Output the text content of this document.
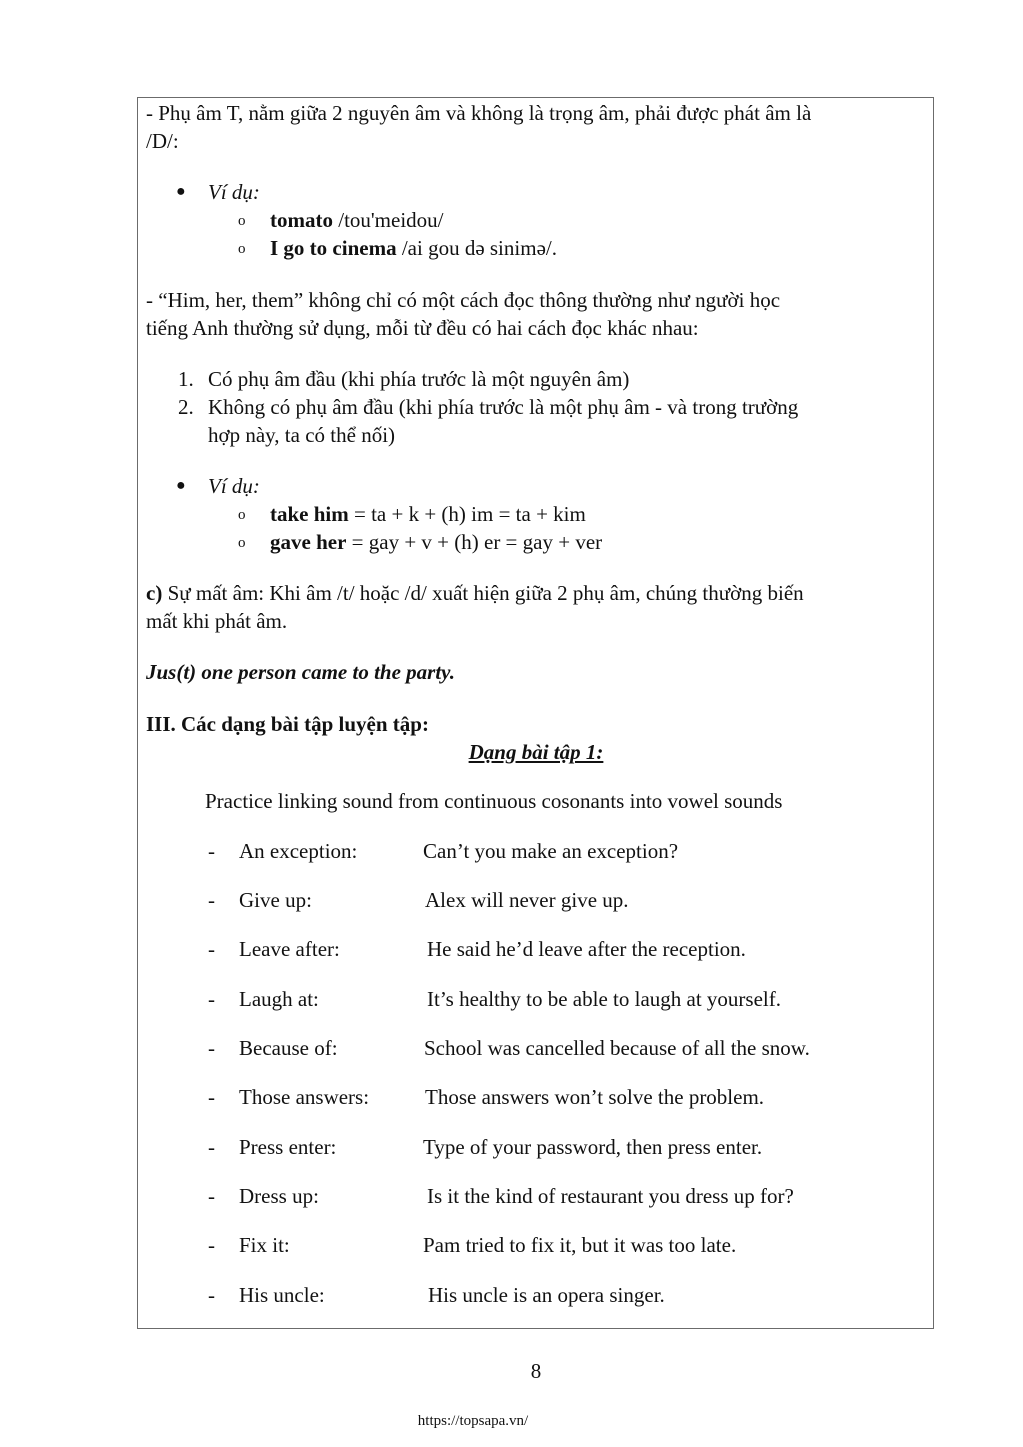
- Phụ âm T, nằm giữa 2 nguyên âm và không là trọng âm, phải được phát âm là
/D/:
● Ví dụ:
o tomato /tou'meidou/
o I go to cinema /ai gou də sinimə/.
- “Him, her, them” không chỉ có một cách đọc thông thường như người học
tiếng Anh thường sử dụng, mỗi từ đều có hai cách đọc khác nhau:
1. Có phụ âm đầu (khi phía trước là một nguyên âm)
2. Không có phụ âm đầu (khi phía trước là một phụ âm - và trong trường
hợp này, ta có thể nối)
● Ví dụ:
o take him = ta + k + (h) im = ta + kim
o gave her = gay + v + (h) er = gay + ver
c) Sự mất âm: Khi âm /t/ hoặc /d/ xuất hiện giữa 2 phụ âm, chúng thường biến
mất khi phát âm.
Jus(t) one person came to the party.
III. Các dạng bài tập luyện tập:
Dạng bài tập 1:
Practice linking sound from continuous cosonants into vowel sounds
- An exception:	Can’t you make an exception?
- Give up:	Alex will never give up.
- Leave after:	He said he’d leave after the reception.
- Laugh at:	It’s healthy to be able to laugh at yourself.
- Because of:	School was cancelled because of all the snow.
- Those answers:	Those answers won’t solve the problem.
- Press enter:	Type of your password, then press enter.
- Dress up:	Is it the kind of restaurant you dress up for?
- Fix it:	Pam tried to fix it, but it was too late.
- His uncle:	His uncle is an opera singer.
8
https://topsapa.vn/
